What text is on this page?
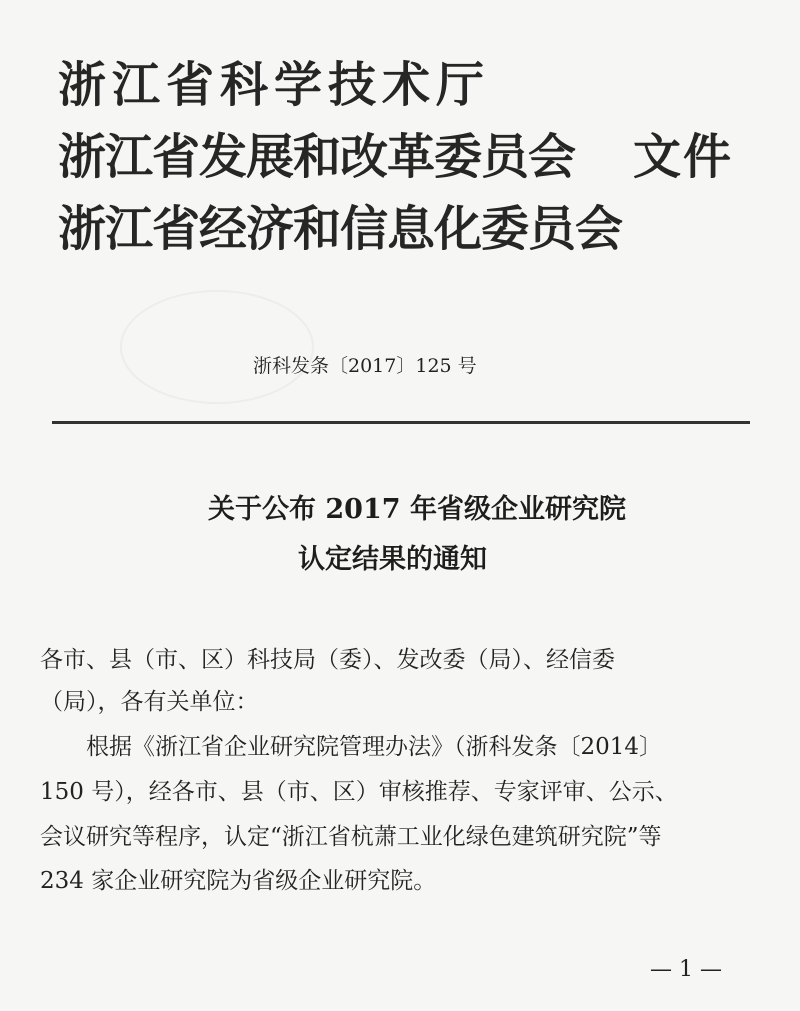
浙江省科学技术厅
浙江省发展和改革委员会
浙江省经济和信息化委员会
文件
浙科发条〔2017〕125 号
关于公布 2017 年省级企业研究院
认定结果的通知
各市、县（市、区）科技局（委）、发改委（局）、经信委
（局），各有关单位：
根据《浙江省企业研究院管理办法》（浙科发条〔2014〕
150 号），经各市、县（市、区）审核推荐、专家评审、公示、
会议研究等程序，认定“浙江省杭萧工业化绿色建筑研究院”等
234 家企业研究院为省级企业研究院。
— 1 —
